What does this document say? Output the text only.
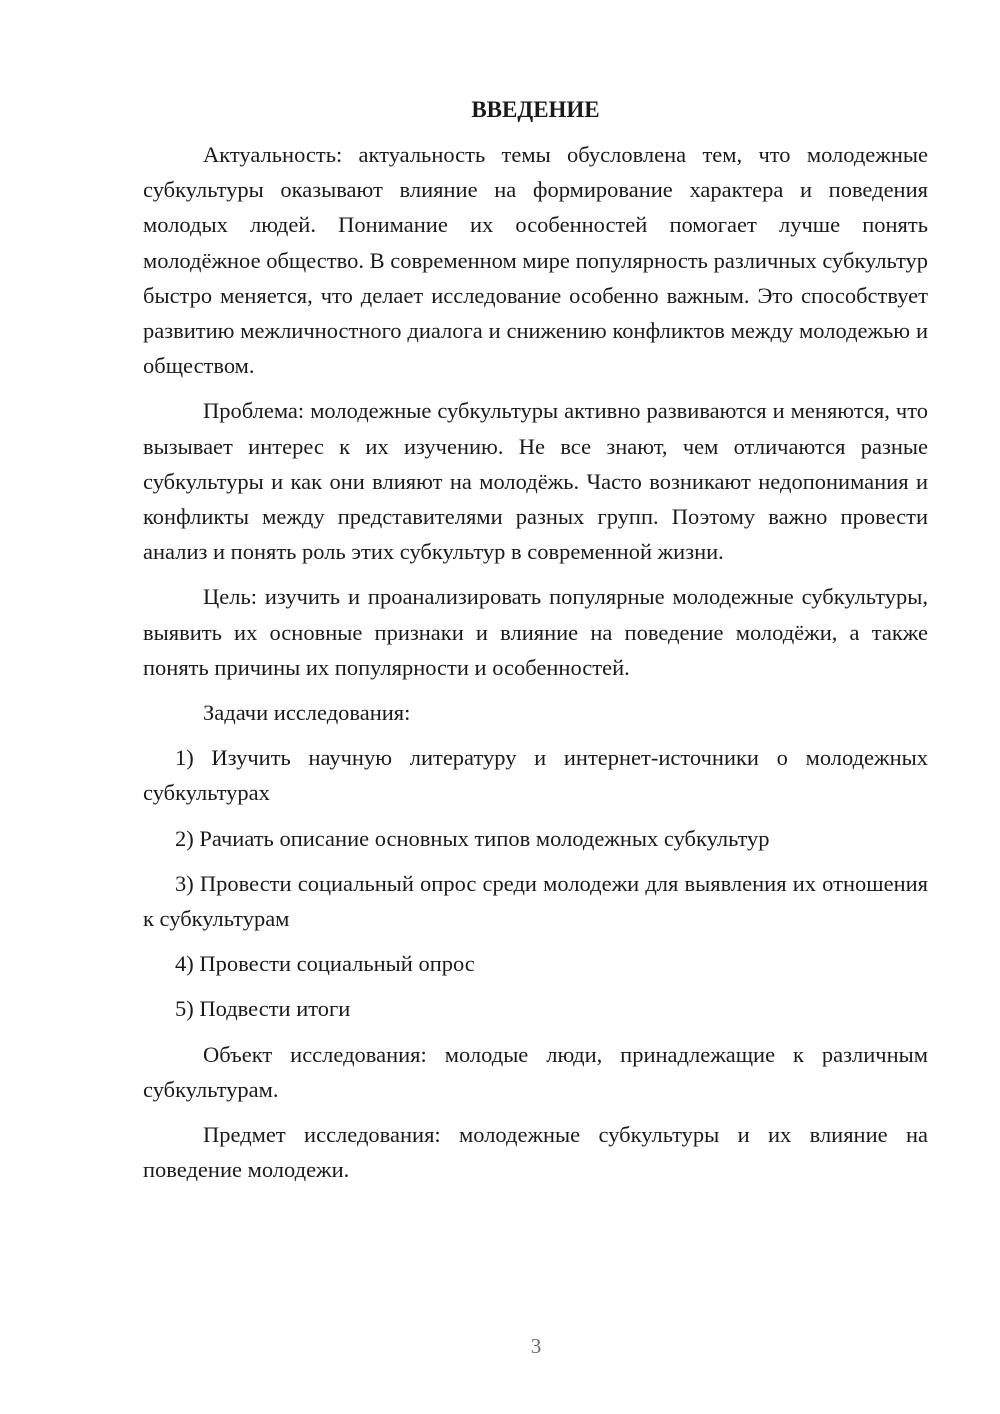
ВВЕДЕНИЕ

Актуальность: актуальность темы обусловлена тем, что молодежные субкультуры оказывают влияние на формирование характера и поведения молодых людей. Понимание их особенностей помогает лучше понять молодёжное общество. В современном мире популярность различных субкультур быстро меняется, что делает исследование особенно важным. Это способствует развитию межличностного диалога и снижению конфликтов между молодежью и обществом.

Проблема: молодежные субкультуры активно развиваются и меняются, что вызывает интерес к их изучению. Не все знают, чем отличаются разные субкультуры и как они влияют на молодёжь. Часто возникают недопонимания и конфликты между представителями разных групп. Поэтому важно провести анализ и понять роль этих субкультур в современной жизни.

Цель: изучить и проанализировать популярные молодежные субкультуры, выявить их основные признаки и влияние на поведение молодёжи, а также понять причины их популярности и особенностей.

Задачи исследования:

1) Изучить научную литературу и интернет-источники о молодежных субкультурах

2) Рачиать описание основных типов молодежных субкультур

3) Провести социальный опрос среди молодежи для выявления их отношения к субкультурам

4) Провести социальный опрос

5) Подвести итоги

Объект исследования: молодые люди, принадлежащие к различным субкультурам.

Предмет исследования: молодежные субкультуры и их влияние на поведение молодежи.

3
